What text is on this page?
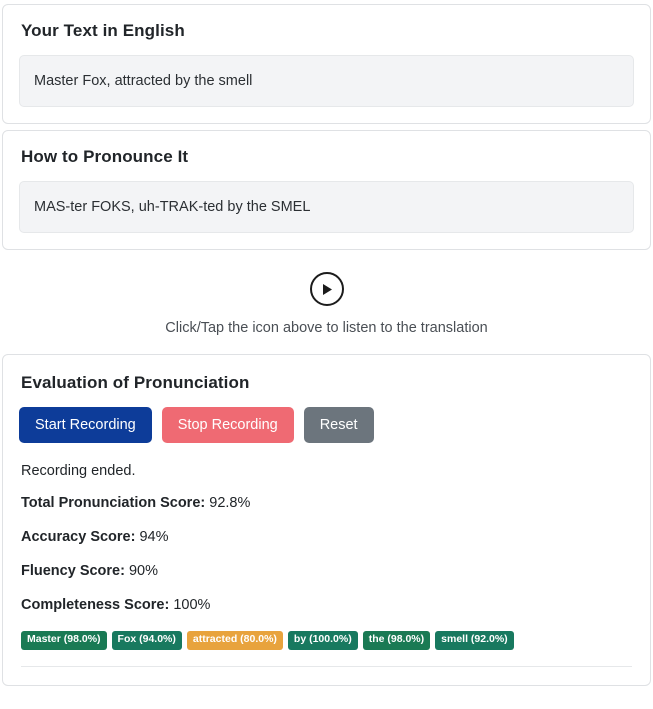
Your Text in English
Master Fox, attracted by the smell
How to Pronounce It
MAS-ter FOKS, uh-TRAK-ted by the SMEL
Click/Tap the icon above to listen to the translation
Evaluation of Pronunciation
Start Recording	Stop Recording	Reset
Recording ended.
Total Pronunciation Score: 92.8%
Accuracy Score: 94%
Fluency Score: 90%
Completeness Score: 100%
Master (98.0%)	Fox (94.0%)	attracted (80.0%)	by (100.0%)	the (98.0%)	smell (92.0%)
